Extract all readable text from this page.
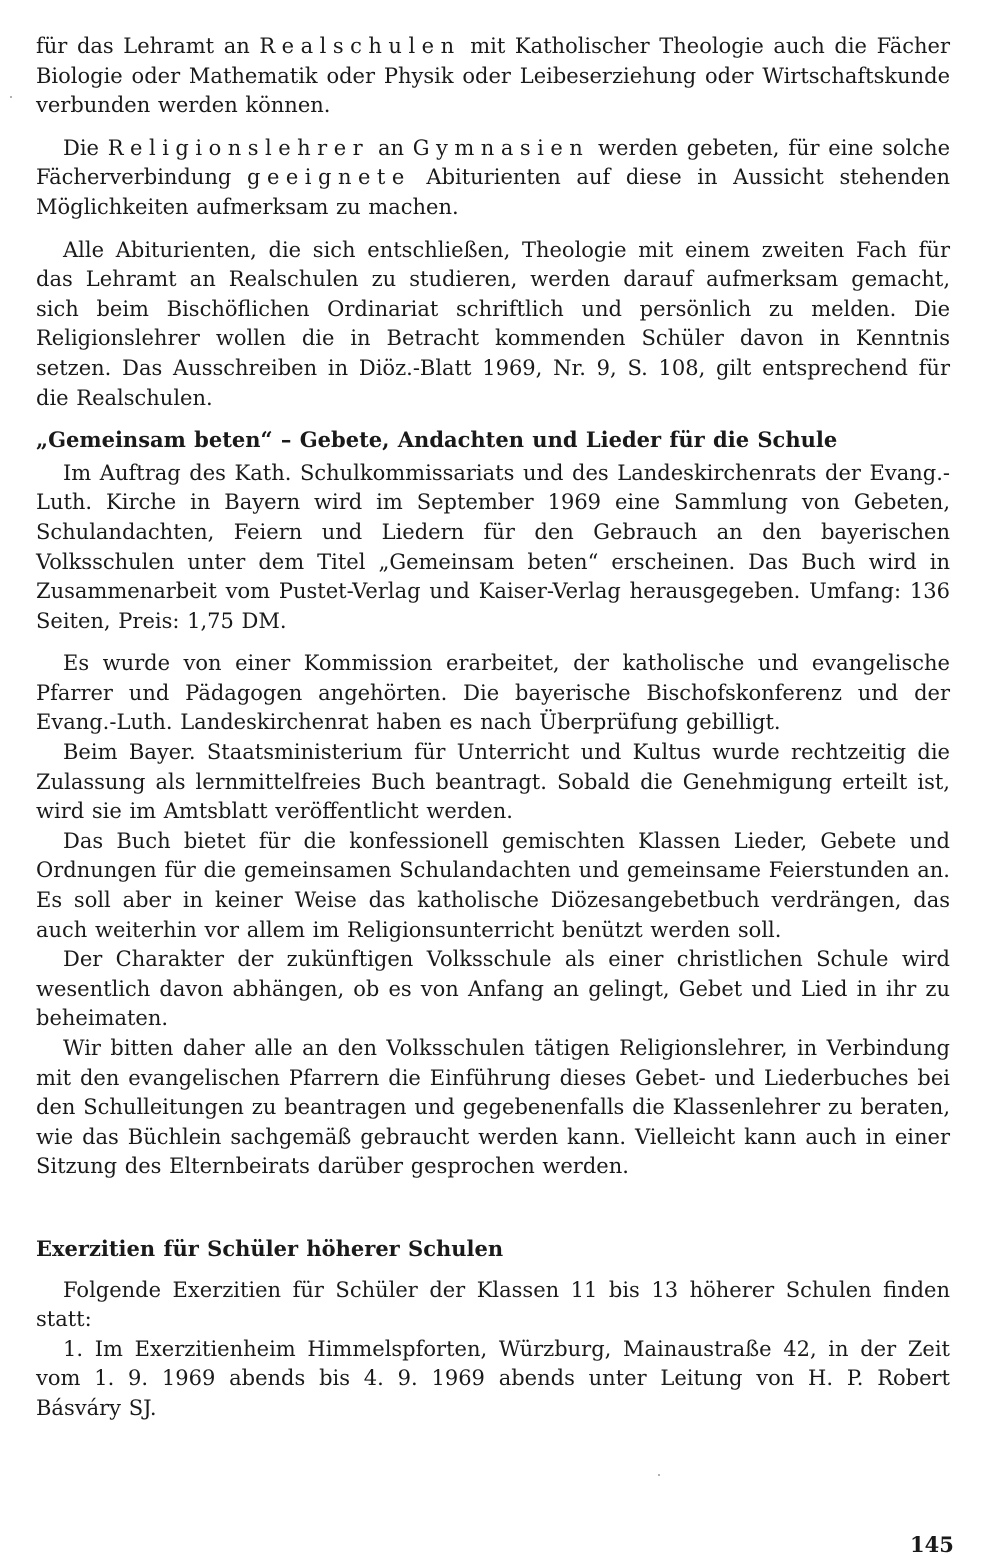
für das Lehramt an Realschulen mit Katholischer Theologie auch die Fächer Biologie oder Mathematik oder Physik oder Leibeserziehung oder Wirtschaftskunde verbunden werden können.

Die Religionslehrer an Gymnasien werden gebeten, für eine solche Fächerverbindung geeignete Abiturienten auf diese in Aussicht stehenden Möglichkeiten aufmerksam zu machen.

Alle Abiturienten, die sich entschließen, Theologie mit einem zweiten Fach für das Lehramt an Realschulen zu studieren, werden darauf aufmerksam gemacht, sich beim Bischöflichen Ordinariat schriftlich und persönlich zu melden. Die Religionslehrer wollen die in Betracht kommenden Schüler davon in Kenntnis setzen. Das Ausschreiben in Diöz.-Blatt 1969, Nr. 9, S. 108, gilt entsprechend für die Realschulen.

„Gemeinsam beten“ – Gebete, Andachten und Lieder für die Schule

Im Auftrag des Kath. Schulkommissariats und des Landeskirchenrats der Evang.-Luth. Kirche in Bayern wird im September 1969 eine Sammlung von Gebeten, Schulandachten, Feiern und Liedern für den Gebrauch an den bayerischen Volksschulen unter dem Titel „Gemeinsam beten“ erscheinen. Das Buch wird in Zusammenarbeit vom Pustet-Verlag und Kaiser-Verlag herausgegeben. Umfang: 136 Seiten, Preis: 1,75 DM.

Es wurde von einer Kommission erarbeitet, der katholische und evangelische Pfarrer und Pädagogen angehörten. Die bayerische Bischofskonferenz und der Evang.-Luth. Landeskirchenrat haben es nach Überprüfung gebilligt.

Beim Bayer. Staatsministerium für Unterricht und Kultus wurde rechtzeitig die Zulassung als lernmittelfreies Buch beantragt. Sobald die Genehmigung erteilt ist, wird sie im Amtsblatt veröffentlicht werden.

Das Buch bietet für die konfessionell gemischten Klassen Lieder, Gebete und Ordnungen für die gemeinsamen Schulandachten und gemeinsame Feierstunden an. Es soll aber in keiner Weise das katholische Diözesangebetbuch verdrängen, das auch weiterhin vor allem im Religionsunterricht benützt werden soll.

Der Charakter der zukünftigen Volksschule als einer christlichen Schule wird wesentlich davon abhängen, ob es von Anfang an gelingt, Gebet und Lied in ihr zu beheimaten.

Wir bitten daher alle an den Volksschulen tätigen Religionslehrer, in Verbindung mit den evangelischen Pfarrern die Einführung dieses Gebet- und Liederbuches bei den Schulleitungen zu beantragen und gegebenenfalls die Klassenlehrer zu beraten, wie das Büchlein sachgemäß gebraucht werden kann. Vielleicht kann auch in einer Sitzung des Elternbeirats darüber gesprochen werden.

Exerzitien für Schüler höherer Schulen

Folgende Exerzitien für Schüler der Klassen 11 bis 13 höherer Schulen finden statt:

1. Im Exerzitienheim Himmelspforten, Würzburg, Mainaustraße 42, in der Zeit vom 1. 9. 1969 abends bis 4. 9. 1969 abends unter Leitung von H. P. Robert Básváry SJ.

145
